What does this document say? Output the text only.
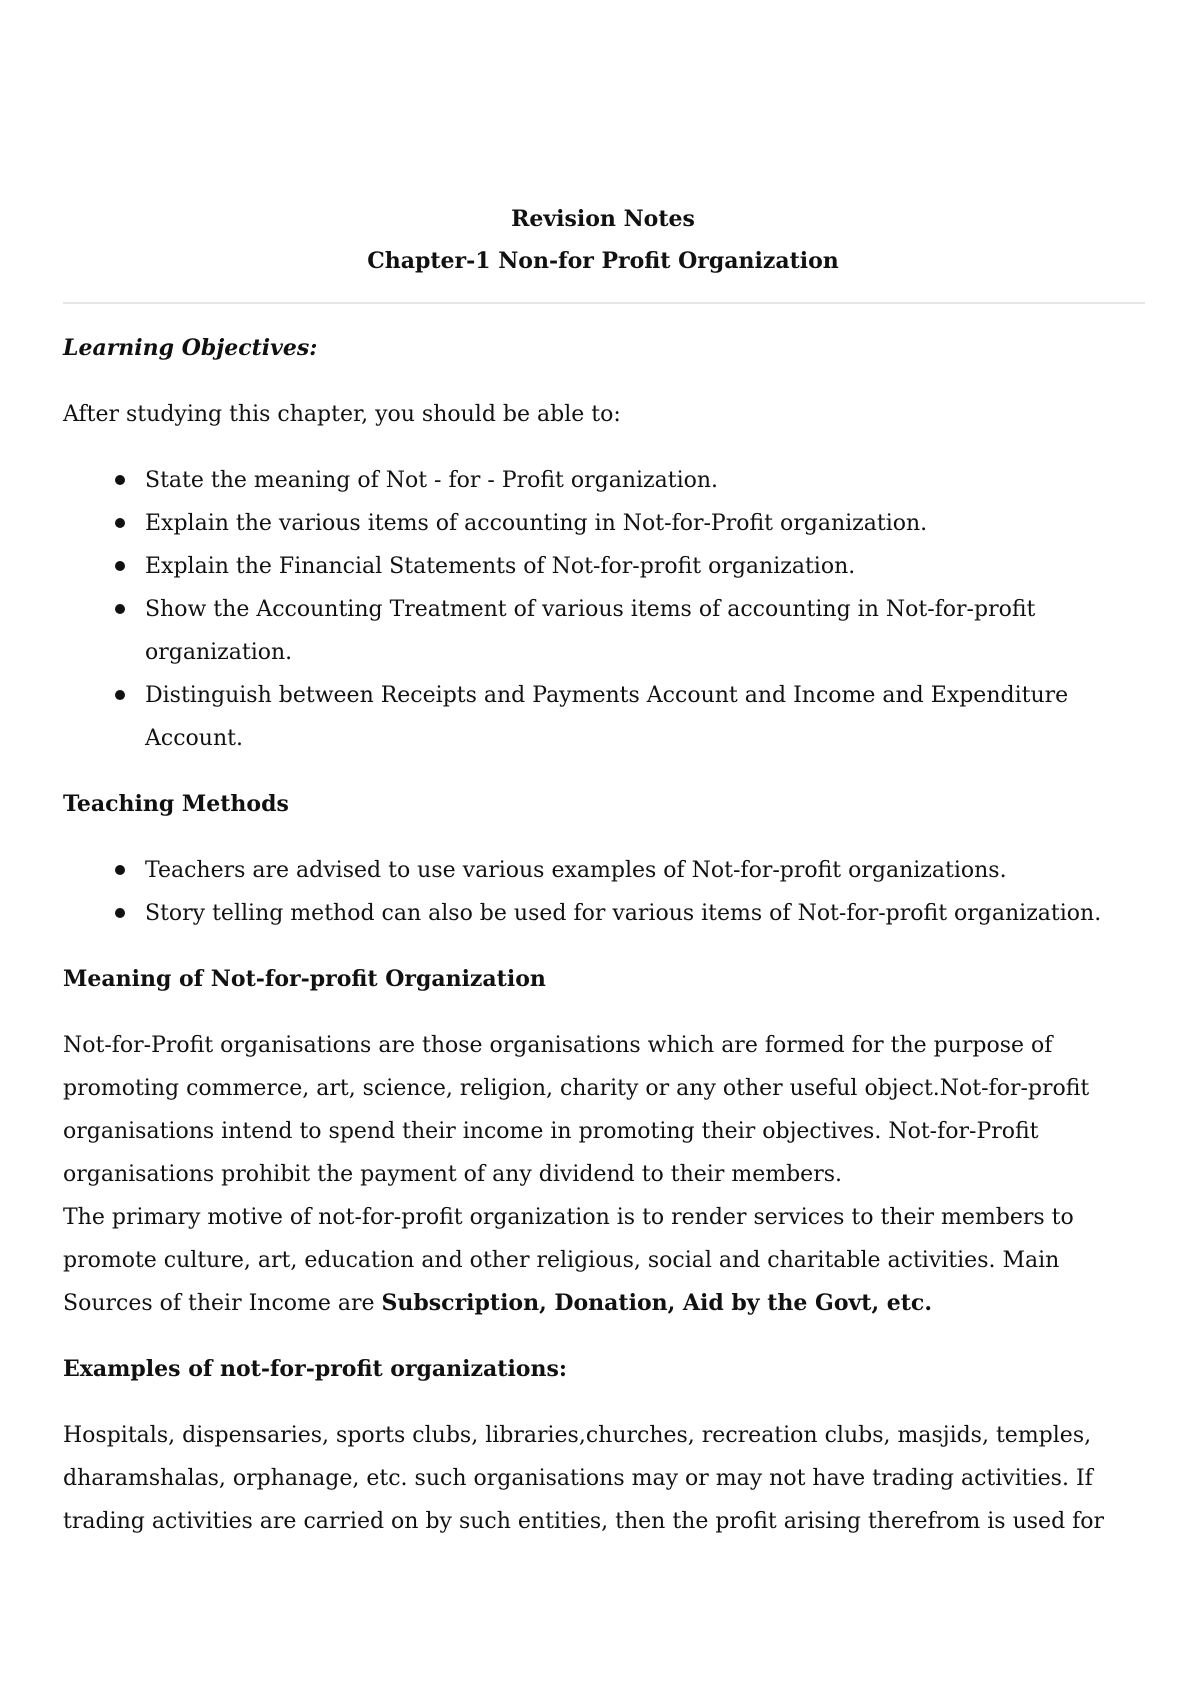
Revision Notes
Chapter-1 Non-for Profit Organization
Learning Objectives:

After studying this chapter, you should be able to:

State the meaning of Not - for - Profit organization.
Explain the various items of accounting in Not-for-Profit organization.
Explain the Financial Statements of Not-for-profit organization.
Show the Accounting Treatment of various items of accounting in Not-for-profit organization.
Distinguish between Receipts and Payments Account and Income and Expenditure Account.
Teaching Methods
Teachers are advised to use various examples of Not-for-profit organizations.
Story telling method can also be used for various items of Not-for-profit organization.
Meaning of Not-for-profit Organization

Not-for-Profit organisations are those organisations which are formed for the purpose of promoting commerce, art, science, religion, charity or any other useful object.Not-for-profit organisations intend to spend their income in promoting their objectives. Not-for-Profit organisations prohibit the payment of any dividend to their members.

The primary motive of not-for-profit organization is to render services to their members to promote culture, art, education and other religious, social and charitable activities. Main Sources of their Income are Subscription, Donation, Aid by the Govt, etc.

Examples of not-for-profit organizations:

Hospitals, dispensaries, sports clubs, libraries,churches, recreation clubs, masjids, temples, dharamshalas, orphanage, etc. such organisations may or may not have trading activities. If trading activities are carried on by such entities, then the profit arising therefrom is used for
